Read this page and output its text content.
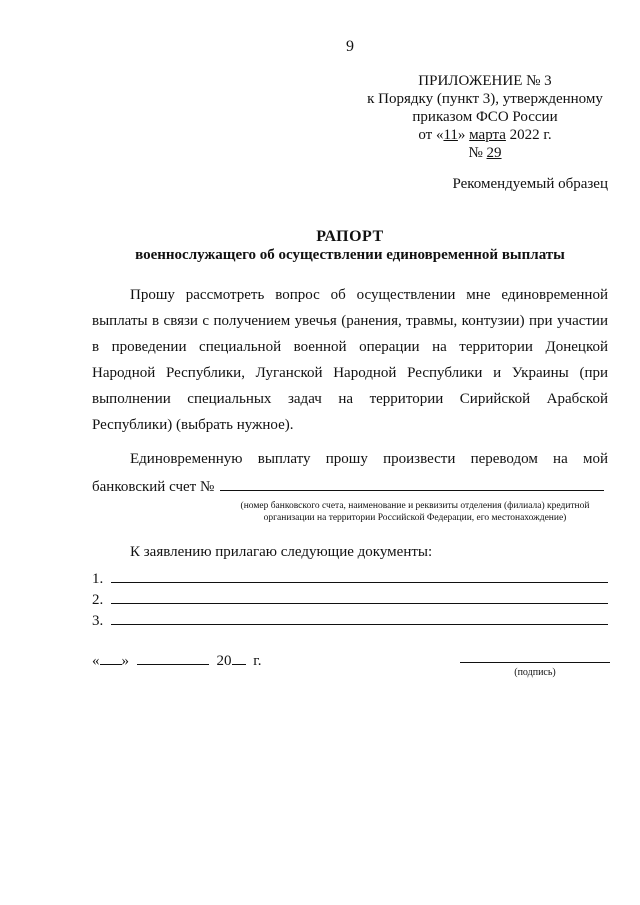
9
ПРИЛОЖЕНИЕ № 3
к Порядку (пункт 3), утвержденному
приказом ФСО России
от «11» марта 2022 г.
№ 29
Рекомендуемый образец
РАПОРТ
военнослужащего об осуществлении единовременной выплаты
Прошу рассмотреть вопрос об осуществлении мне единовременной выплаты в связи с получением увечья (ранения, травмы, контузии) при участии в проведении специальной военной операции на территории Донецкой Народной Республики, Луганской Народной Республики и Украины (при выполнении специальных задач на территории Сирийской Арабской Республики) (выбрать нужное).
Единовременную выплату прошу произвести переводом на мой
банковский счет №
(номер банковского счета, наименование и реквизиты отделения (филиала) кредитной организации на территории Российской Федерации, его местонахождение)
К заявлению прилагаю следующие документы:
1.
2.
3.
« »	20 г.
(подпись)
